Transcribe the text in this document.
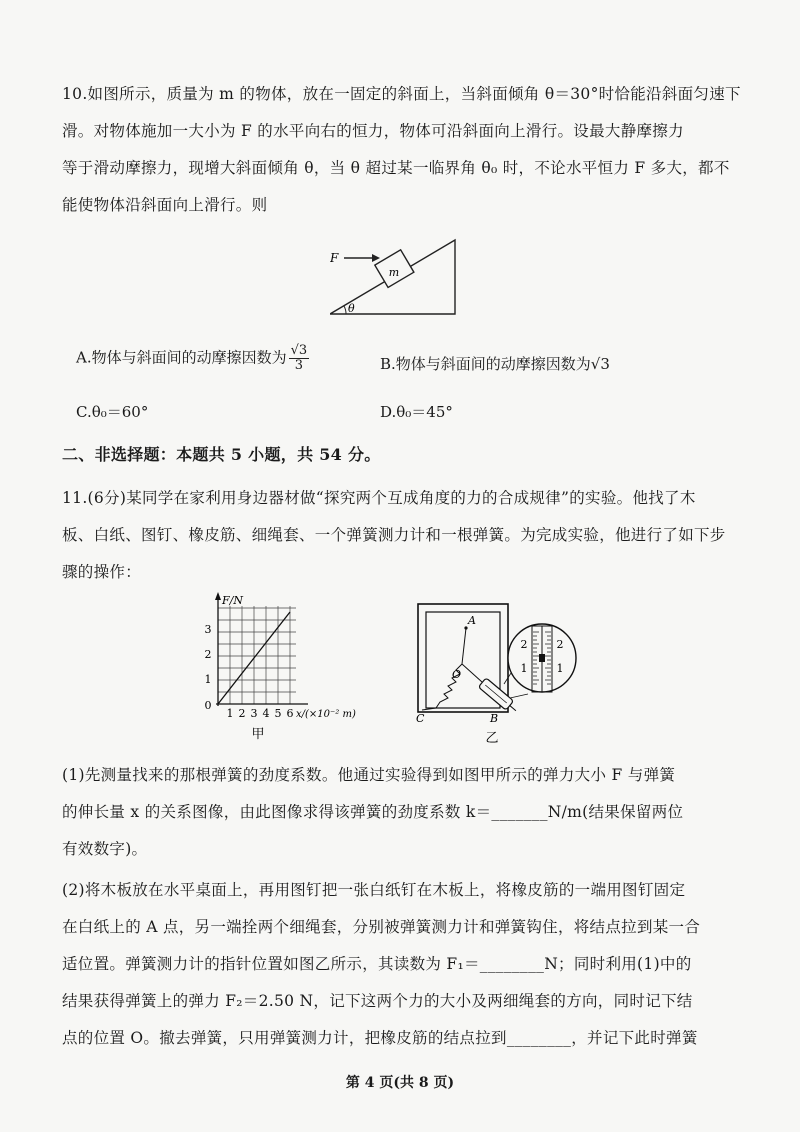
10.如图所示，质量为 m 的物体，放在一固定的斜面上，当斜面倾角 θ＝30°时恰能沿斜面匀速下
滑。对物体施加一大小为 F 的水平向右的恒力，物体可沿斜面向上滑行。设最大静摩擦力
等于滑动摩擦力，现增大斜面倾角 θ，当 θ 超过某一临界角 θ₀ 时，不论水平恒力 F 多大，都不
能使物体沿斜面向上滑行。则
m
F
θ
A.物体与斜面间的动摩擦因数为 $\frac{√3}{3}$	B.物体与斜面间的动摩擦因数为√3
C.θ₀＝60°	D.θ₀＝45°
二、非选择题：本题共 5 小题，共 54 分。
11.(6分)某同学在家利用身边器材做“探究两个互成角度的力的合成规律”的实验。他找了木
板、白纸、图钉、橡皮筋、细绳套、一个弹簧测力计和一根弹簧。为完成实验，他进行了如下步
骤的操作：
F/N
3
2
1
0
1 2 3 4 5 6 x/(×10⁻² m)
甲
A
C
O
B
2
1
2
1
乙
(1)先测量找来的那根弹簧的劲度系数。他通过实验得到如图甲所示的弹力大小 F 与弹簧
的伸长量 x 的关系图像，由此图像求得该弹簧的劲度系数 k＝_______N/m(结果保留两位
有效数字)。
(2)将木板放在水平桌面上，再用图钉把一张白纸钉在木板上，将橡皮筋的一端用图钉固定
在白纸上的 A 点，另一端拴两个细绳套，分别被弹簧测力计和弹簧钩住，将结点拉到某一合
适位置。弹簧测力计的指针位置如图乙所示，其读数为 F₁＝________N；同时利用(1)中的
结果获得弹簧上的弹力 F₂＝2.50 N，记下这两个力的大小及两细绳套的方向，同时记下结
点的位置 O。撤去弹簧，只用弹簧测力计，把橡皮筋的结点拉到________，并记下此时弹簧
第 4 页(共 8 页)
